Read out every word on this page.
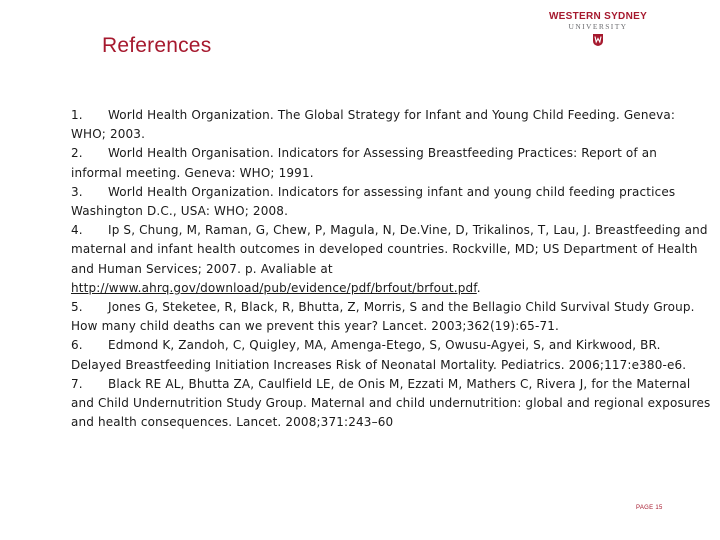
References
WESTERN SYDNEY
UNIVERSITY

1. World Health Organization. The Global Strategy for Infant and Young Child Feeding. Geneva: WHO; 2003.

2. World Health Organisation. Indicators for Assessing Breastfeeding Practices: Report of an informal meeting. Geneva: WHO; 1991.

3. World Health Organization. Indicators for assessing infant and young child feeding practices Washington D.C., USA: WHO; 2008.

4. Ip S, Chung, M, Raman, G, Chew, P, Magula, N, De.Vine, D, Trikalinos, T, Lau, J. Breastfeeding and maternal and infant health outcomes in developed countries. Rockville, MD; US Department of Health and Human Services; 2007. p. Avaliable at http://www.ahrq.gov/download/pub/evidence/pdf/brfout/brfout.pdf.

5. Jones G, Steketee, R, Black, R, Bhutta, Z, Morris, S and the Bellagio Child Survival Study Group. How many child deaths can we prevent this year? Lancet. 2003;362(19):65-71.

6. Edmond K, Zandoh, C, Quigley, MA, Amenga-Etego, S, Owusu-Agyei, S, and Kirkwood, BR. Delayed Breastfeeding Initiation Increases Risk of Neonatal Mortality. Pediatrics. 2006;117:e380-e6.

7. Black RE AL, Bhutta ZA, Caulfield LE, de Onis M, Ezzati M, Mathers C, Rivera J, for the Maternal and Child Undernutrition Study Group. Maternal and child undernutrition: global and regional exposures and health consequences. Lancet. 2008;371:243–60

PAGE 15
